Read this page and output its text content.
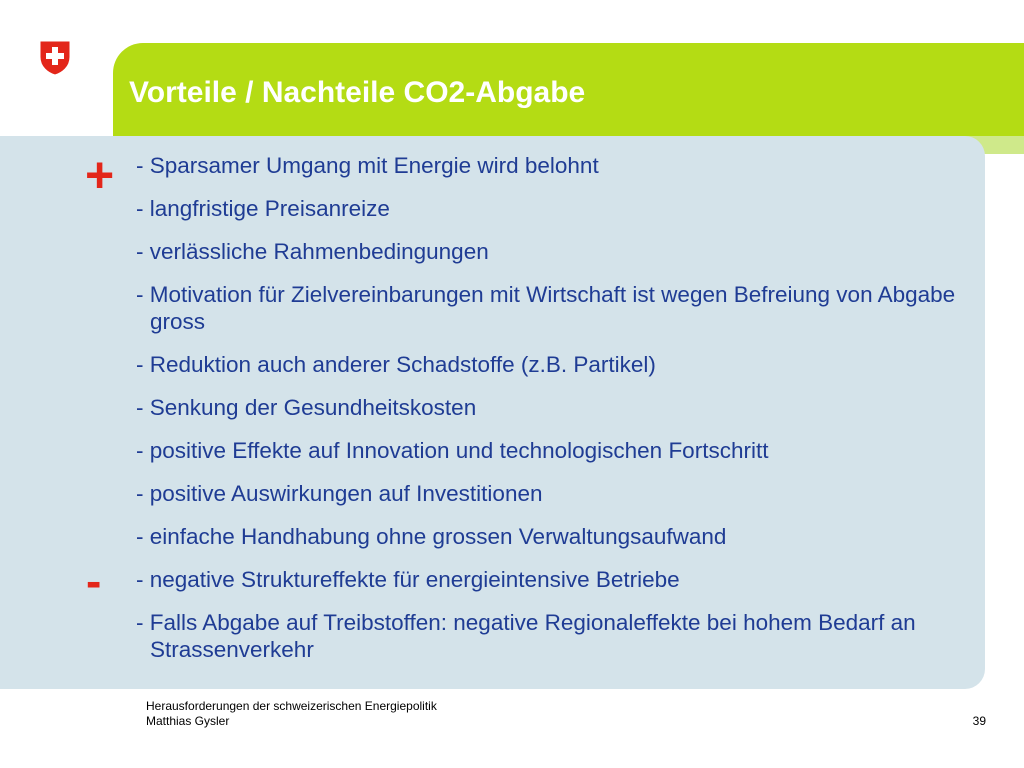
Vorteile / Nachteile CO2-Abgabe
+
-
- Sparsamer Umgang mit Energie wird belohnt
- langfristige Preisanreize
- verlässliche Rahmenbedingungen
- Motivation für Zielvereinbarungen mit Wirtschaft ist wegen Befreiung von Abgabe gross
- Reduktion auch anderer Schadstoffe (z.B. Partikel)
- Senkung der Gesundheitskosten
- positive Effekte auf Innovation und technologischen Fortschritt
- positive Auswirkungen auf Investitionen
- einfache Handhabung ohne grossen Verwaltungsaufwand
- negative Struktureffekte für energieintensive Betriebe
- Falls Abgabe auf Treibstoffen: negative Regionaleffekte bei hohem Bedarf an Strassenverkehr
Herausforderungen der schweizerischen Energiepolitik
Matthias Gysler	39
